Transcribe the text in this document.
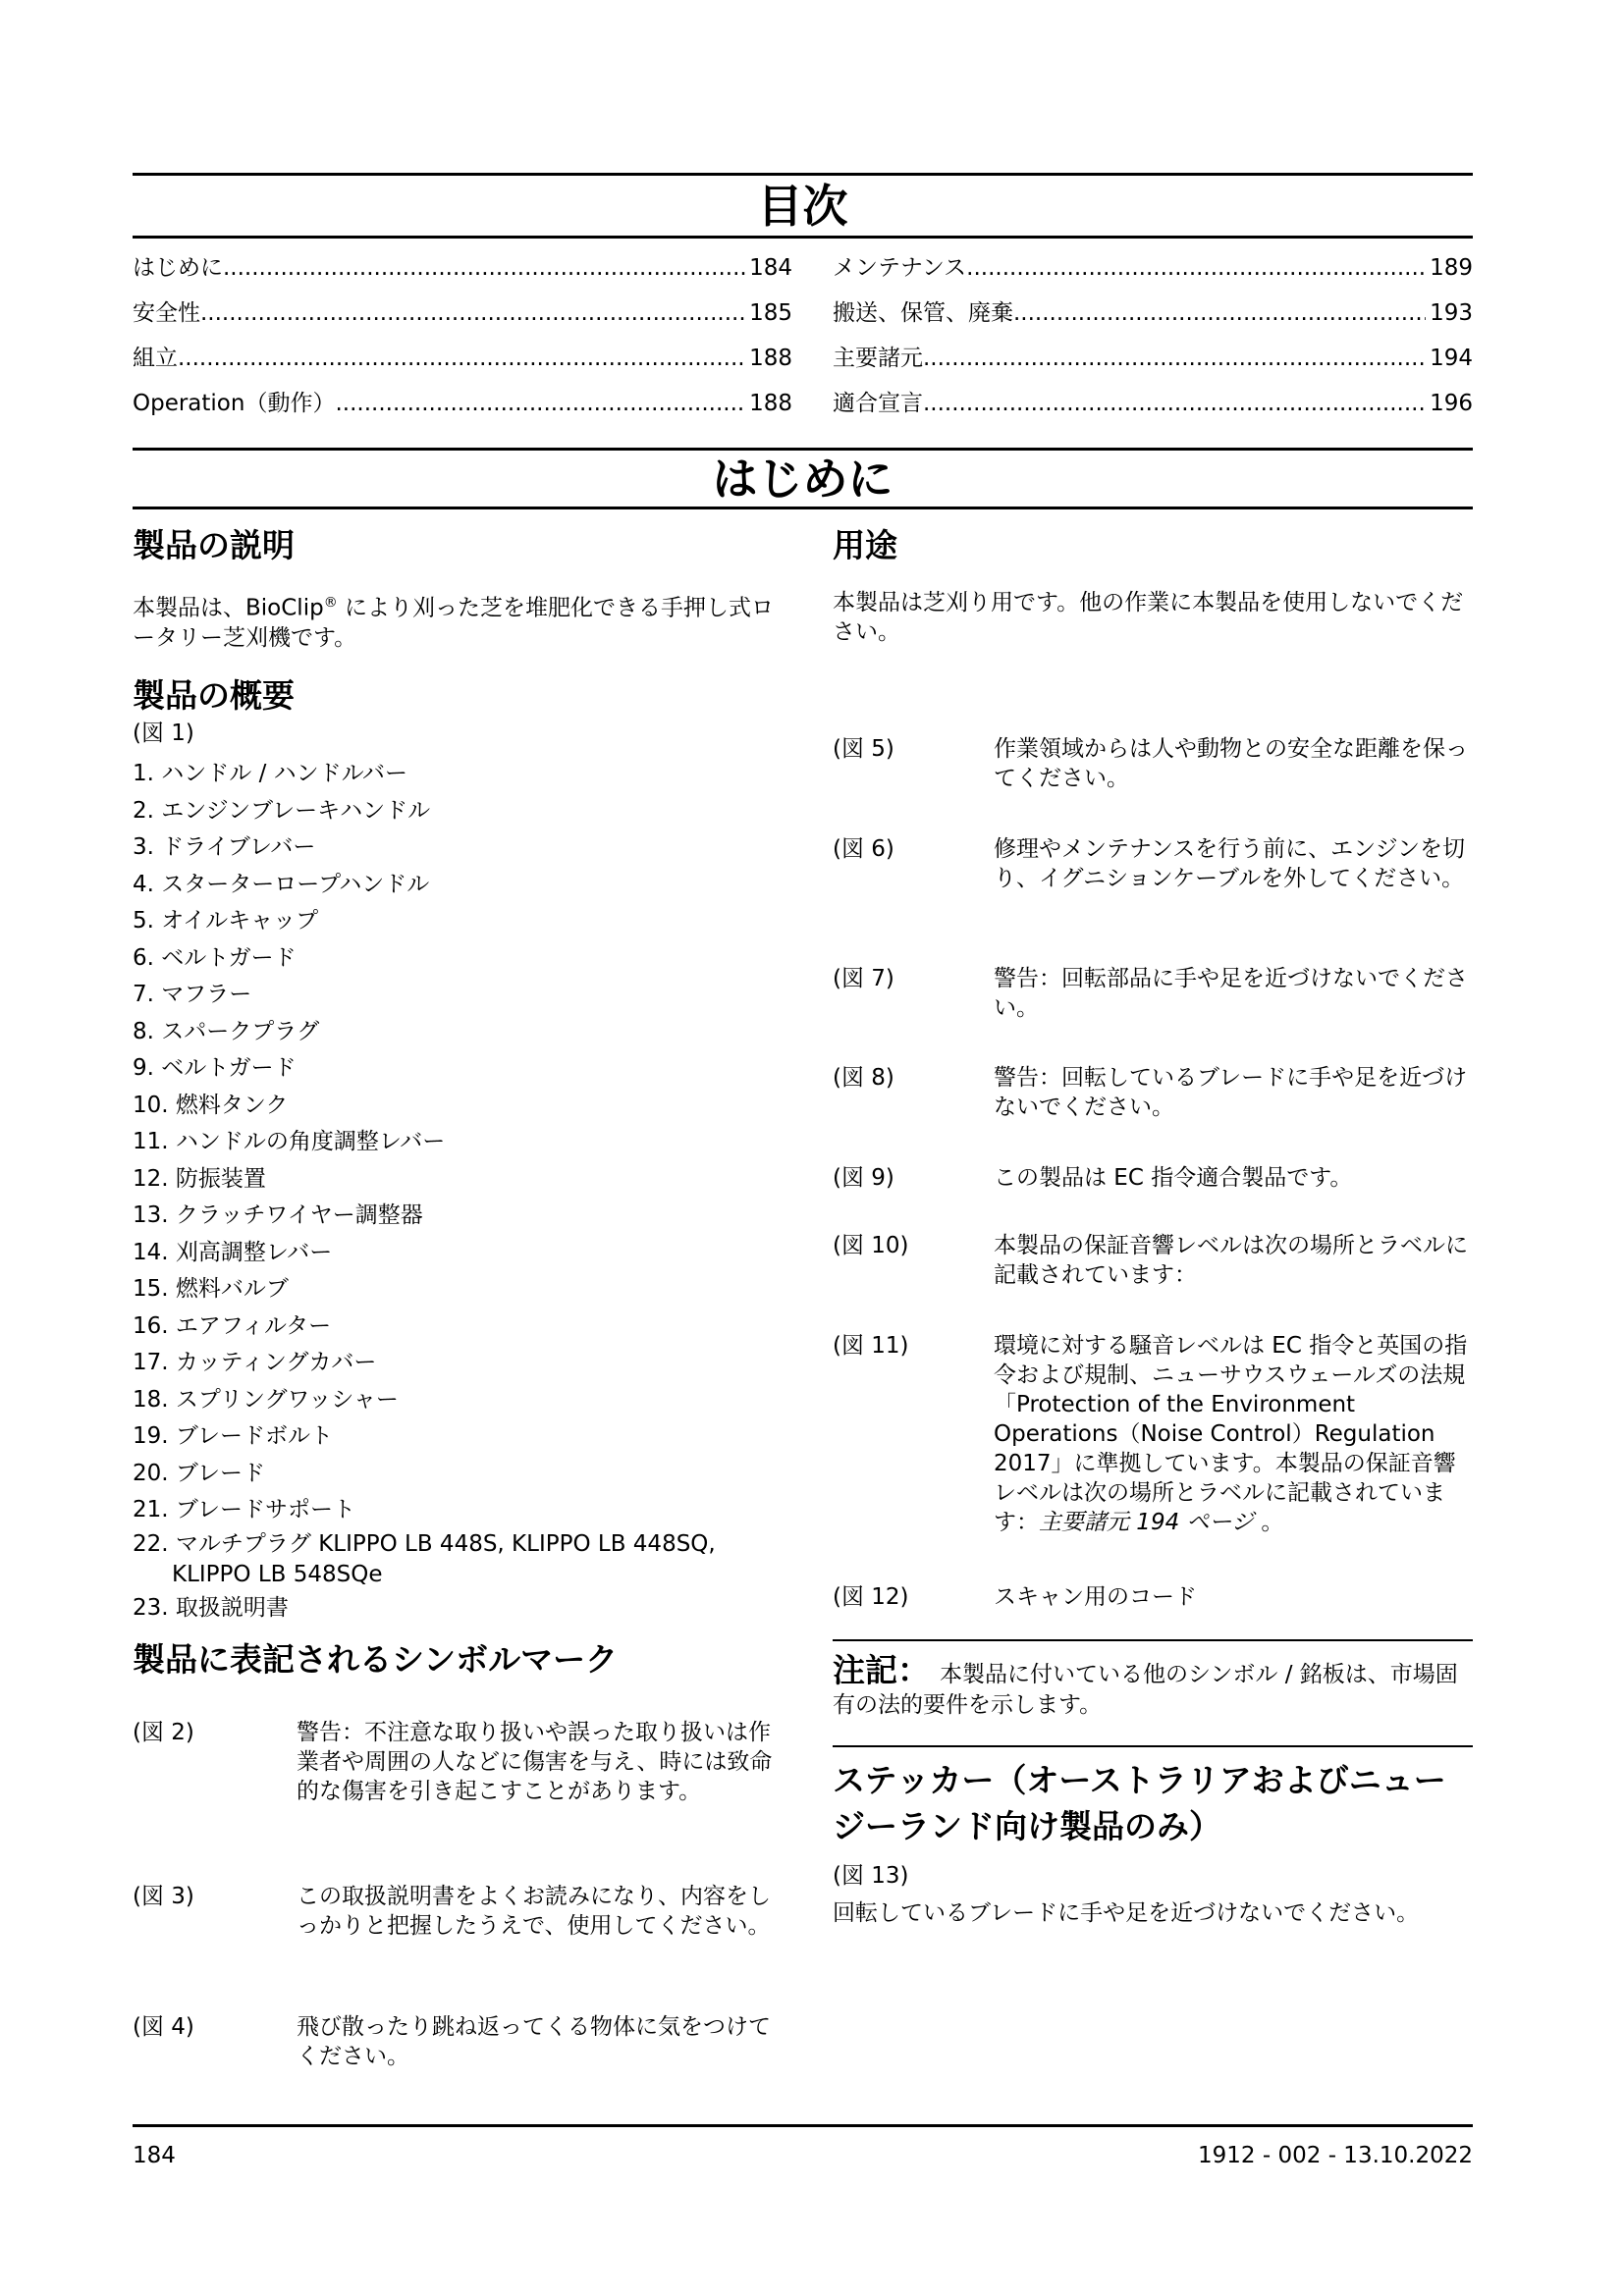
目次
はじめに .....	184
安全性 .....	185
組立 .....	188
Operation（動作） .....	188
メンテナンス .....	189
搬送、保管、廃棄 .....	193
主要諸元 .....	194
適合宣言 .....	196
はじめに
製品の説明

本製品は、BioClip® により刈った芝を堆肥化できる手押し式ロータリー芝刈機です。

製品の概要

(図 1)

1. ハンドル / ハンドルバー
2. エンジンブレーキハンドル
3. ドライブレバー
4. スターターロープハンドル
5. オイルキャップ
6. ベルトガード
7. マフラー
8. スパークプラグ
9. ベルトガード
10. 燃料タンク
11. ハンドルの角度調整レバー
12. 防振装置
13. クラッチワイヤー調整器
14. 刈高調整レバー
15. 燃料バルブ
16. エアフィルター
17. カッティングカバー
18. スプリングワッシャー
19. ブレードボルト
20. ブレード
21. ブレードサポート
22. マルチプラグ KLIPPO LB 448S, KLIPPO LB 448SQ, KLIPPO LB 548SQe
23. 取扱説明書
製品に表記されるシンボルマーク
(図 2)	警告：不注意な取り扱いや誤った取り扱いは作業者や周囲の人などに傷害を与え、時には致命的な傷害を引き起こすことがあります。
(図 3)	この取扱説明書をよくお読みになり、内容をしっかりと把握したうえで、使用してください。
(図 4)	飛び散ったり跳ね返ってくる物体に気をつけてください。
用途

本製品は芝刈り用です。他の作業に本製品を使用しないでください。

(図 5)	作業領域からは人や動物との安全な距離を保ってください。
(図 6)	修理やメンテナンスを行う前に、エンジンを切り、イグニションケーブルを外してください。
(図 7)	警告：回転部品に手や足を近づけないでください。
(図 8)	警告：回転しているブレードに手や足を近づけないでください。
(図 9)	この製品は EC 指令適合製品です。
(図 10)	本製品の保証音響レベルは次の場所とラベルに記載されています：
(図 11)	環境に対する騒音レベルは EC 指令と英国の指令および規制、ニューサウスウェールズの法規「Protection of the Environment Operations（Noise Control）Regulation 2017」に準拠しています。本製品の保証音響レベルは次の場所とラベルに記載されています：主要諸元 194 ページ 。
(図 12)	スキャン用のコード
注記： 本製品に付いている他のシンボル / 銘板は、市場固有の法的要件を示します。
ステッカー（オーストラリアおよびニュージーランド向け製品のみ）

(図 13)

回転しているブレードに手や足を近づけないでください。

184	1912 - 002 - 13.10.2022
